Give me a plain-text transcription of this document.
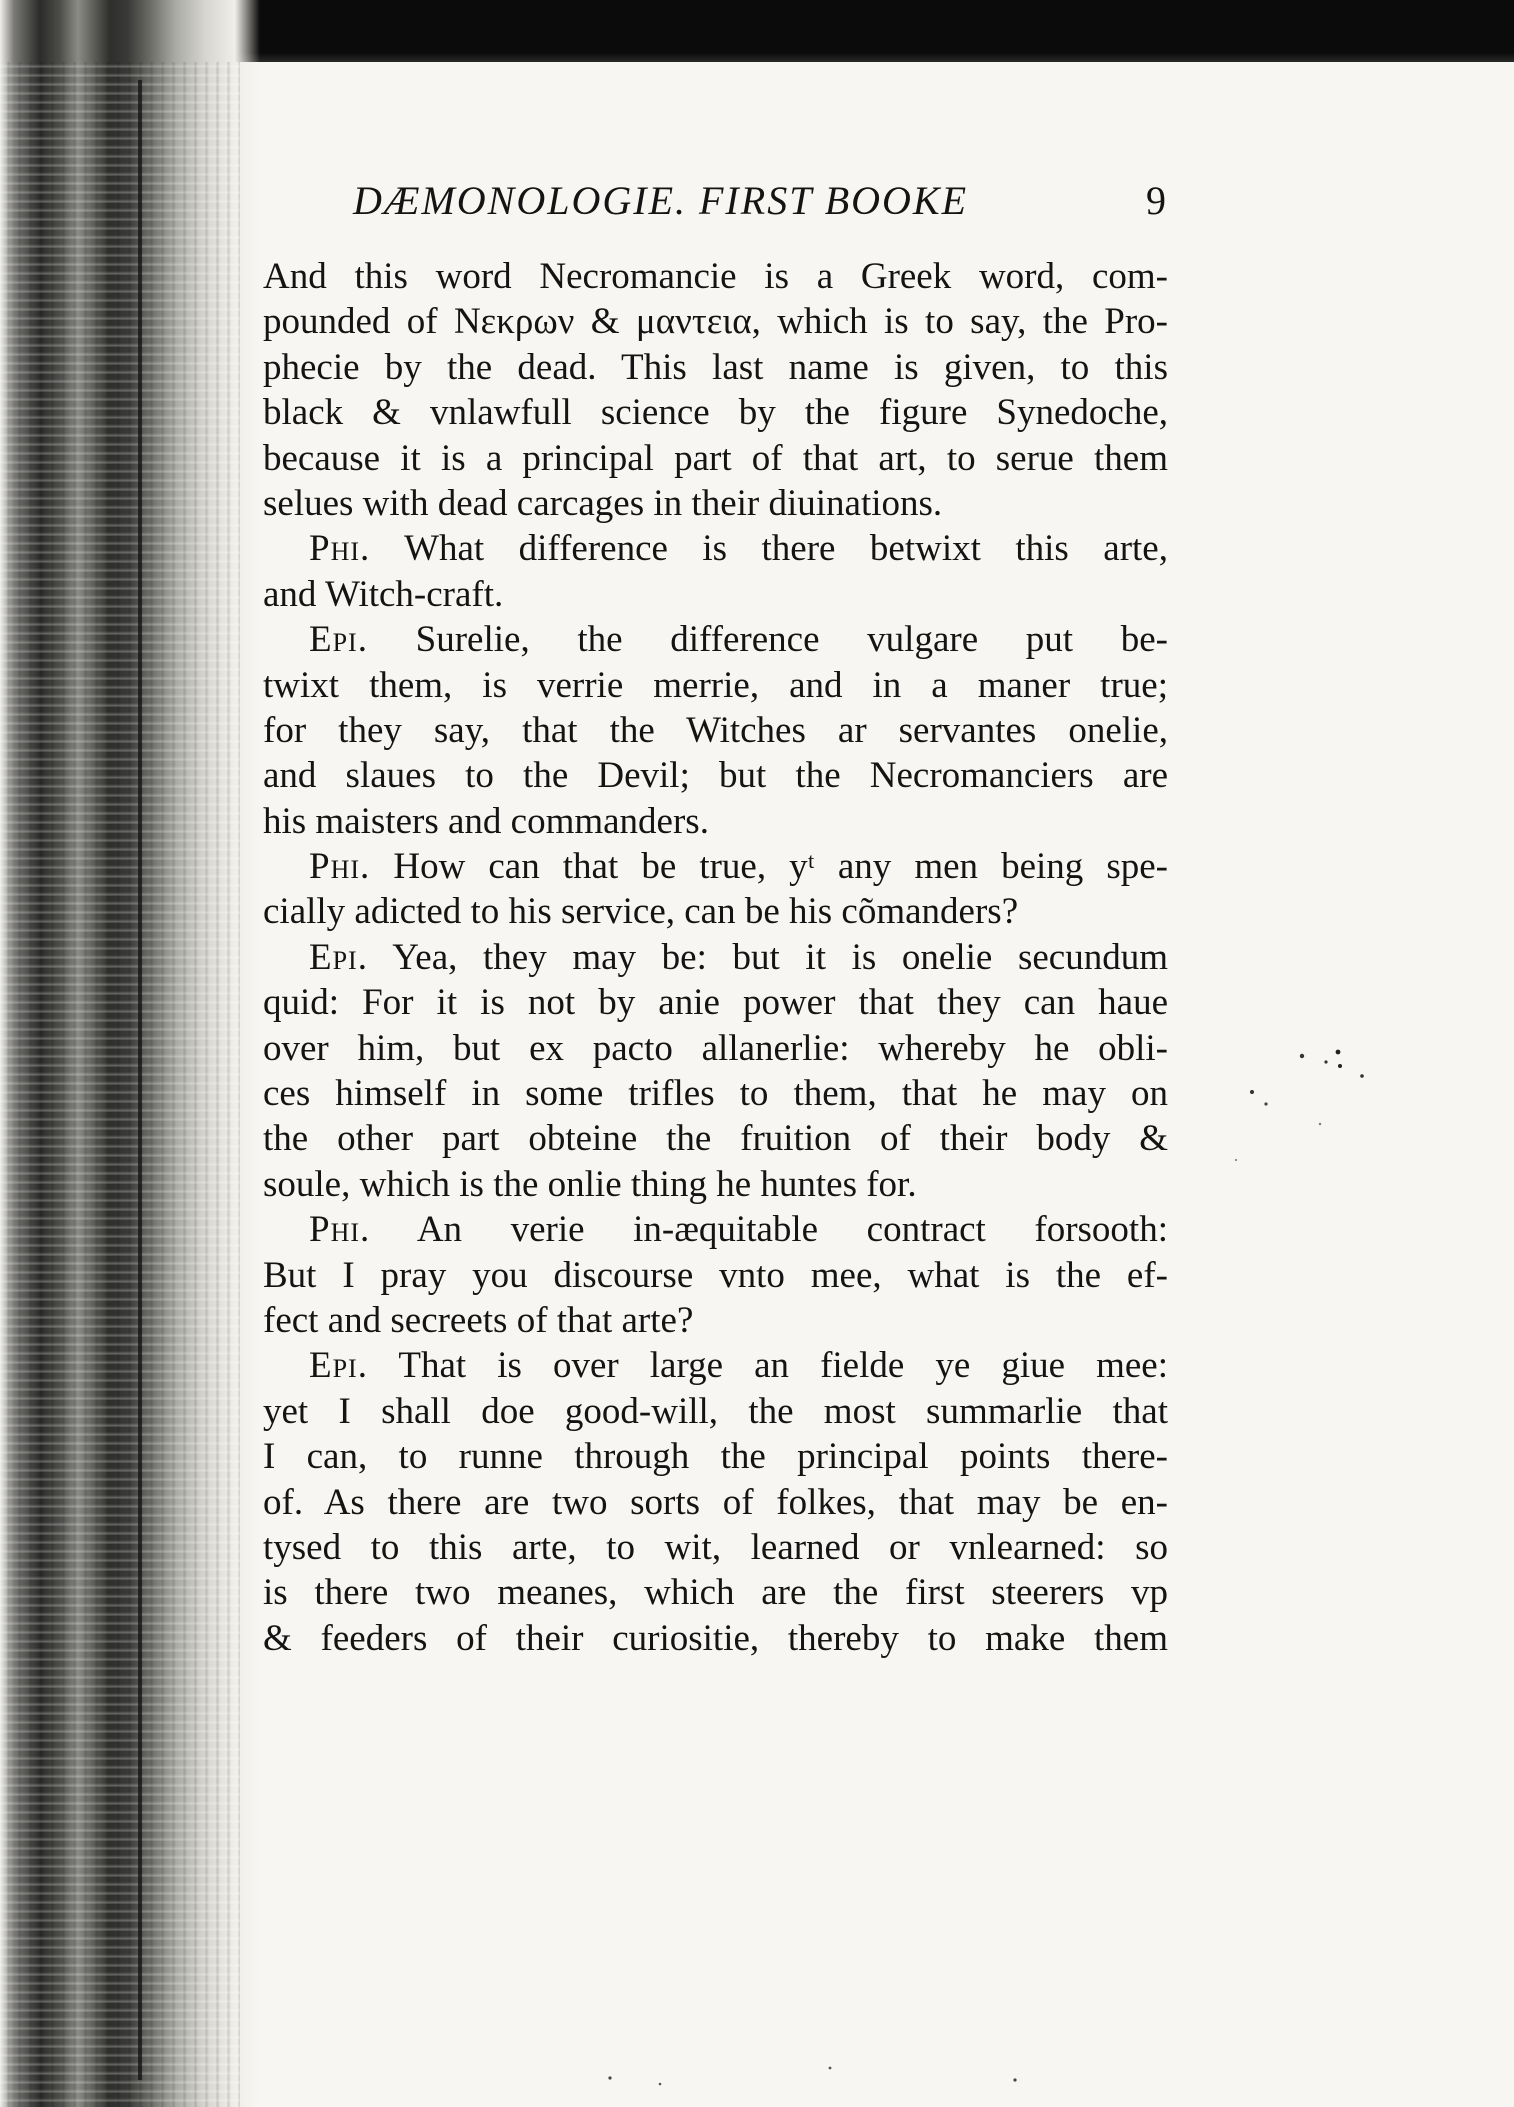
DÆMONOLOGIE. FIRST BOOKE	9
And this word Necromancie is a Greek word, com-
pounded of Νεκρων & μαντεια, which is to say, the Pro-
phecie by the dead. This last name is given, to this
black & vnlawfull science by the figure Synedoche,
because it is a principal part of that art, to serue them
selues with dead carcages in their diuinations.
Phi. What difference is there betwixt this arte,
and Witch-craft.
Epi. Surelie, the difference vulgare put be-
twixt them, is verrie merrie, and in a maner true;
for they say, that the Witches ar servantes onelie,
and slaues to the Devil; but the Necromanciers are
his maisters and commanders.
Phi. How can that be true, yᵗ any men being spe-
cially adicted to his service, can be his cõmanders?
Epi. Yea, they may be: but it is onelie secundum
quid: For it is not by anie power that they can haue
over him, but ex pacto allanerlie: whereby he obli-
ces himself in some trifles to them, that he may on
the other part obteine the fruition of their body &
soule, which is the onlie thing he huntes for.
Phi. An verie in-æquitable contract forsooth:
But I pray you discourse vnto mee, what is the ef-
fect and secreets of that arte?
Epi. That is over large an fielde ye giue mee:
yet I shall doe good-will, the most summarlie that
I can, to runne through the principal points there-
of. As there are two sorts of folkes, that may be en-
tysed to this arte, to wit, learned or vnlearned: so
is there two meanes, which are the first steerers vp
& feeders of their curiositie, thereby to make them
